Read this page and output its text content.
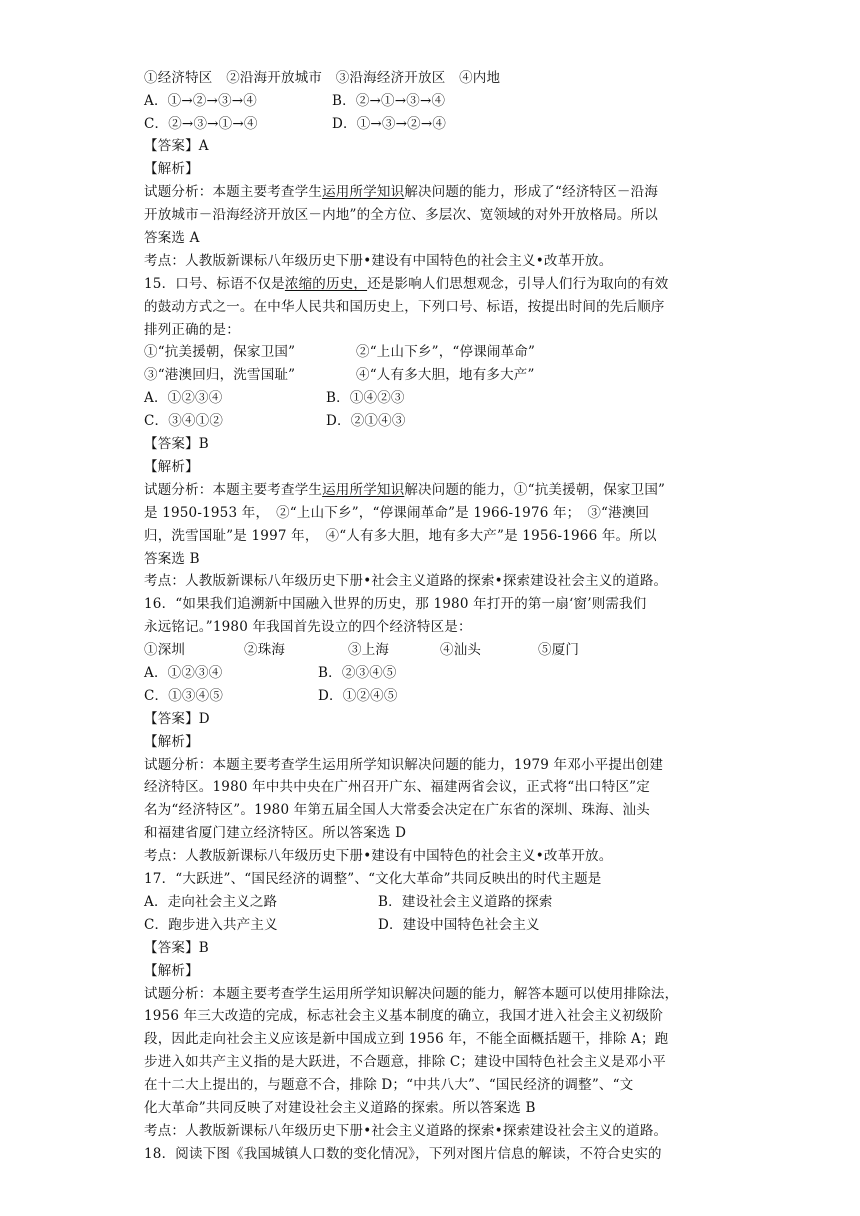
①经济特区　②沿海开放城市　③沿海经济开放区　④内地
A．①→②→③→④	B．②→①→③→④
C．②→③→①→④	D．①→③→②→④
【答案】A
【解析】
试题分析：本题主要考查学生运用所学知识解决问题的能力，形成了“经济特区－沿海
开放城市－沿海经济开放区－内地”的全方位、多层次、宽领域的对外开放格局。所以
答案选 A
考点：人教版新课标八年级历史下册•建设有中国特色的社会主义•改革开放。
15．口号、标语不仅是浓缩的历史，还是影响人们思想观念，引导人们行为取向的有效
的鼓动方式之一。在中华人民共和国历史上，下列口号、标语，按提出时间的先后顺序
排列正确的是：
①“抗美援朝，保家卫国”	②“上山下乡”，“停课闹革命”
③“港澳回归，洗雪国耻”	④“人有多大胆，地有多大产”
A．①②③④	B．①④②③
C．③④①②	D．②①④③
【答案】B
【解析】
试题分析：本题主要考查学生运用所学知识解决问题的能力，①“抗美援朝，保家卫国”
是 1950-1953 年，　②“上山下乡”，“停课闹革命”是 1966-1976 年；　③“港澳回
归，洗雪国耻”是 1997 年，　④“人有多大胆，地有多大产”是 1956-1966 年。所以
答案选 B
考点：人教版新课标八年级历史下册•社会主义道路的探索•探索建设社会主义的道路。
16．“如果我们追溯新中国融入世界的历史，那 1980 年打开的第一扇‘窗’则需我们
永远铭记。”1980 年我国首先设立的四个经济特区是：
①深圳	②珠海	③上海	④汕头	⑤厦门
A．①②③④	B．②③④⑤
C．①③④⑤	D．①②④⑤
【答案】D
【解析】
试题分析：本题主要考查学生运用所学知识解决问题的能力，1979 年邓小平提出创建
经济特区。1980 年中共中央在广州召开广东、福建两省会议，正式将“出口特区”定
名为“经济特区”。1980 年第五届全国人大常委会决定在广东省的深圳、珠海、汕头
和福建省厦门建立经济特区。所以答案选 D
考点：人教版新课标八年级历史下册•建设有中国特色的社会主义•改革开放。
17．“大跃进”、“国民经济的调整”、“文化大革命”共同反映出的时代主题是
A．走向社会主义之路	B．建设社会主义道路的探索
C．跑步进入共产主义	D．建设中国特色社会主义
【答案】B
【解析】
试题分析：本题主要考查学生运用所学知识解决问题的能力，解答本题可以使用排除法，
1956 年三大改造的完成，标志社会主义基本制度的确立，我国才进入社会主义初级阶
段，因此走向社会主义应该是新中国成立到 1956 年，不能全面概括题干，排除 A；跑
步进入如共产主义指的是大跃进，不合题意，排除 C；建设中国特色社会主义是邓小平
在十二大上提出的，与题意不合，排除 D；“中共八大”、“国民经济的调整”、“文
化大革命”共同反映了对建设社会主义道路的探索。所以答案选 B
考点：人教版新课标八年级历史下册•社会主义道路的探索•探索建设社会主义的道路。
18．阅读下图《我国城镇人口数的变化情况》，下列对图片信息的解读，不符合史实的
